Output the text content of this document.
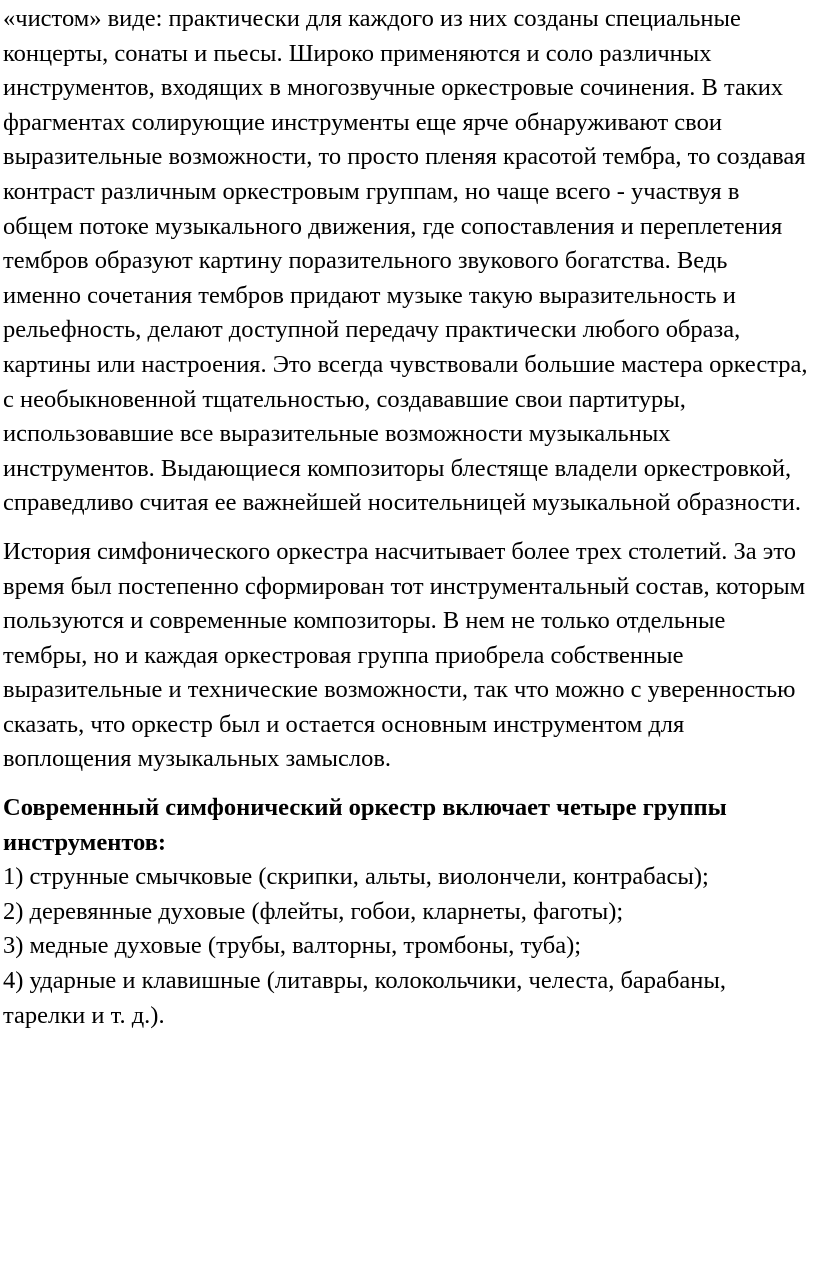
«чистом» виде: практически для каждого из них созданы специальные концерты, сонаты и пьесы. Широко применяются и соло различных инструментов, входящих в многозвучные оркестровые сочинения. В таких фрагментах солирующие инструменты еще ярче обнаруживают свои выразительные возможности, то просто пленяя красотой тембра, то создавая контраст различным оркестровым группам, но чаще всего - участвуя в общем потоке музыкального движения, где сопоставления и переплетения тембров образуют картину поразительного звукового богатства. Ведь именно сочетания тембров придают музыке такую выразительность и рельефность, делают доступной передачу практически любого образа, картины или настроения. Это всегда чувствовали большие мастера оркестра, с необыкновенной тщательностью, создававшие свои партитуры, использовавшие все выразительные возможности музыкальных инструментов. Выдающиеся композиторы блестяще владели оркестровкой, справедливо считая ее важнейшей носительницей музыкальной образности.

История симфонического оркестра насчитывает более трех столетий. За это время был постепенно сформирован тот инструментальный состав, которым пользуются и современные композиторы. В нем не только отдельные тембры, но и каждая оркестровая группа приобрела собственные выразительные и технические возможности, так что можно с уверенностью сказать, что оркестр был и остается основным инструментом для воплощения музыкальных замыслов.

Современный симфонический оркестр включает четыре группы инструментов:

1) струнные смычковые (скрипки, альты, виолончели, контрабасы);
2) деревянные духовые (флейты, гобои, кларнеты, фаготы);
3) медные духовые (трубы, валторны, тромбоны, туба);
4) ударные и клавишные (литавры, колокольчики, челеста, барабаны, тарелки и т. д.).
